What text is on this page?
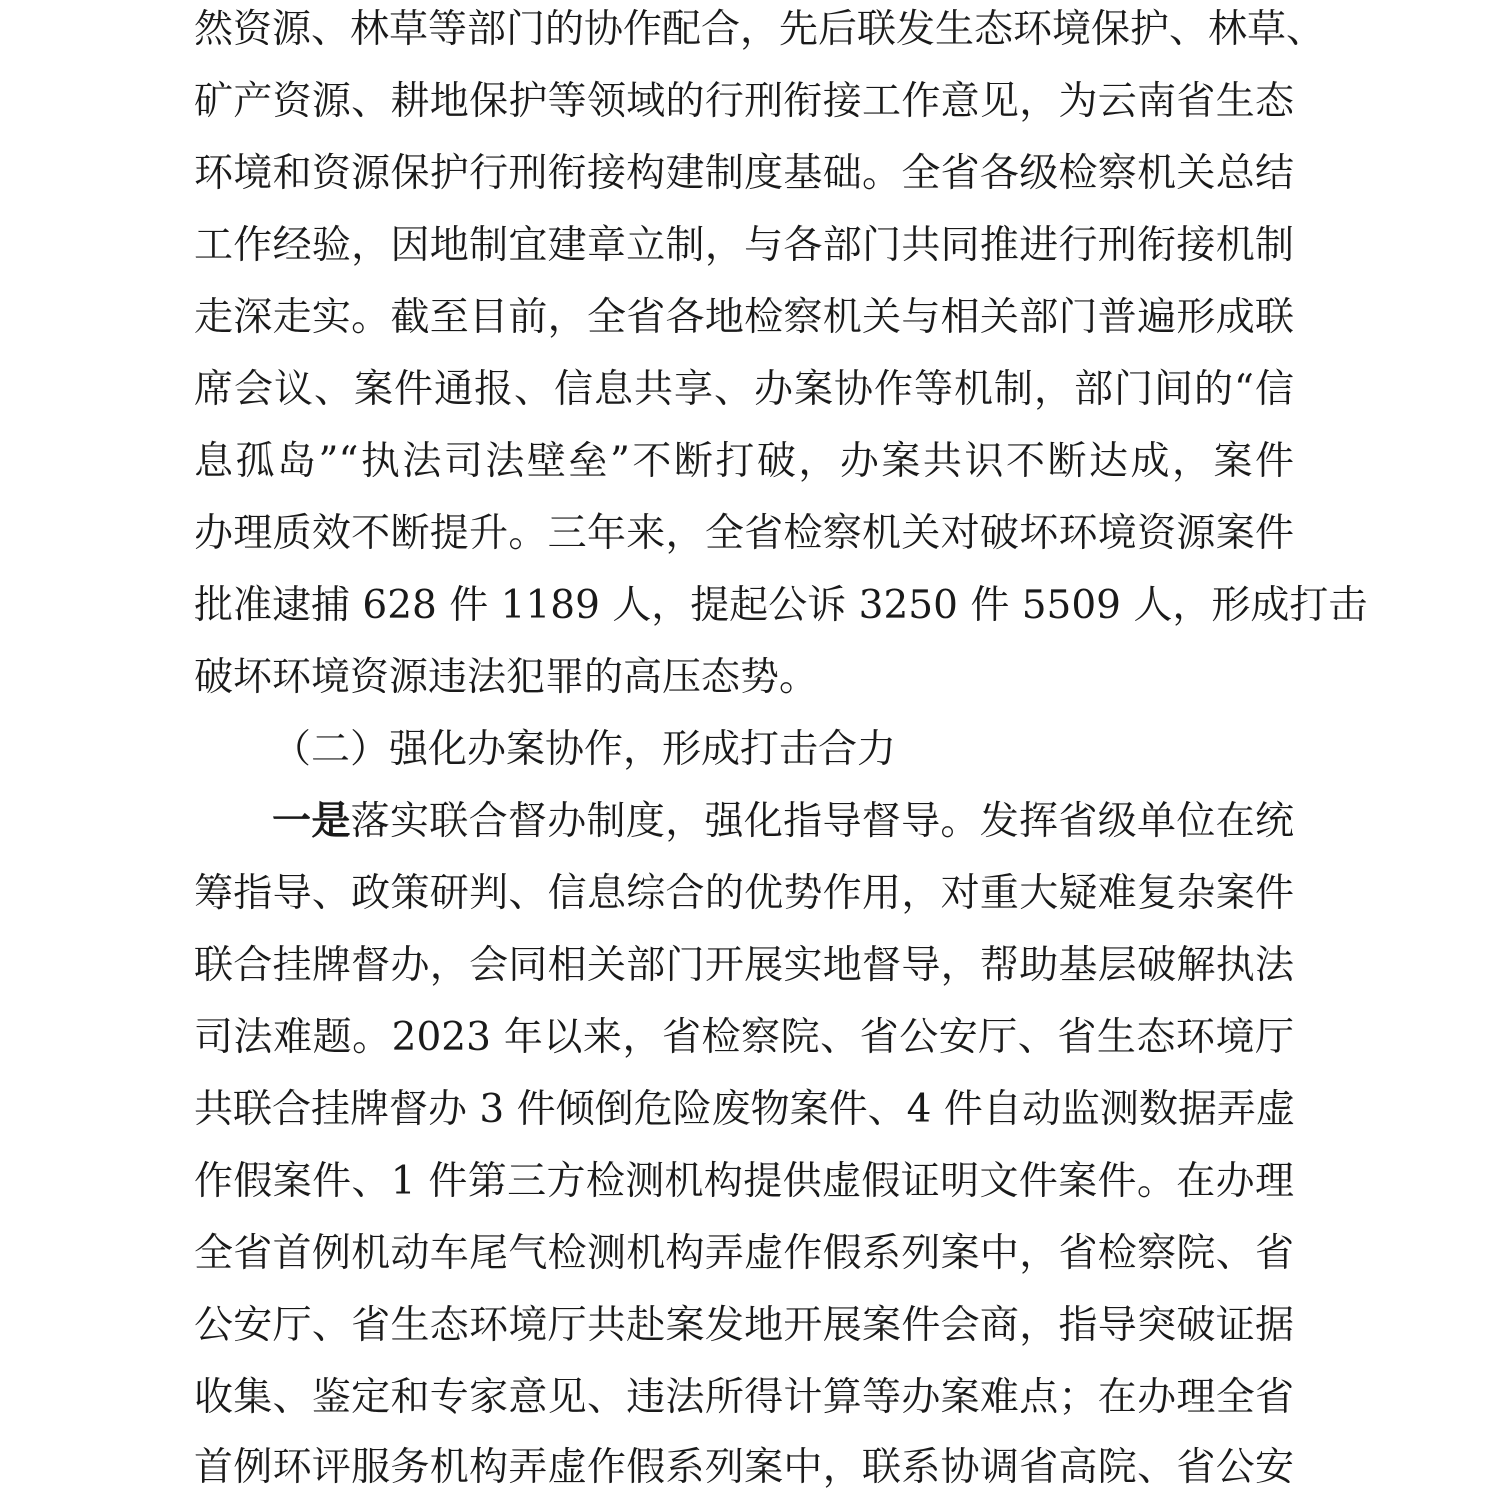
然资源、林草等部门的协作配合，先后联发生态环境保护、林草、
矿产资源、耕地保护等领域的行刑衔接工作意见，为云南省生态
环境和资源保护行刑衔接构建制度基础。全省各级检察机关总结
工作经验，因地制宜建章立制，与各部门共同推进行刑衔接机制
走深走实。截至目前，全省各地检察机关与相关部门普遍形成联
席会议、案件通报、信息共享、办案协作等机制，部门间的“信
息孤岛”“执法司法壁垒”不断打破，办案共识不断达成，案件
办理质效不断提升。三年来，全省检察机关对破坏环境资源案件
批准逮捕 628 件 1189 人，提起公诉 3250 件 5509 人，形成打击
破坏环境资源违法犯罪的高压态势。
（二）强化办案协作，形成打击合力
一是落实联合督办制度，强化指导督导。发挥省级单位在统
筹指导、政策研判、信息综合的优势作用，对重大疑难复杂案件
联合挂牌督办，会同相关部门开展实地督导，帮助基层破解执法
司法难题。2023 年以来，省检察院、省公安厅、省生态环境厅
共联合挂牌督办 3 件倾倒危险废物案件、4 件自动监测数据弄虚
作假案件、1 件第三方检测机构提供虚假证明文件案件。在办理
全省首例机动车尾气检测机构弄虚作假系列案中，省检察院、省
公安厅、省生态环境厅共赴案发地开展案件会商，指导突破证据
收集、鉴定和专家意见、违法所得计算等办案难点；在办理全省
首例环评服务机构弄虚作假系列案中，联系协调省高院、省公安
